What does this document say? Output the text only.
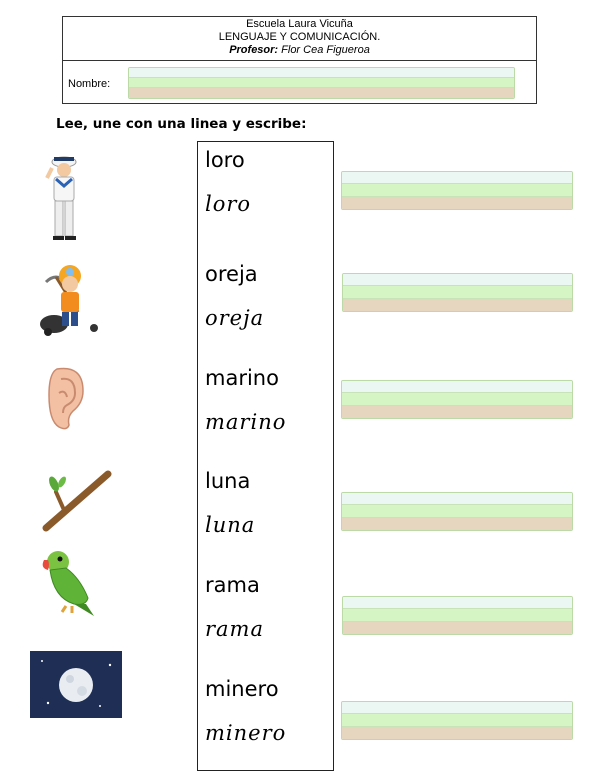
Escuela Laura Vicuña
LENGUAJE Y COMUNICACIÓN.
Profesor: Flor Cea Figueroa
Nombre:
Lee, une con una linea y escribe:
loro
loro
oreja
oreja
marino
marino
luna
luna
rama
rama
minero
minero
